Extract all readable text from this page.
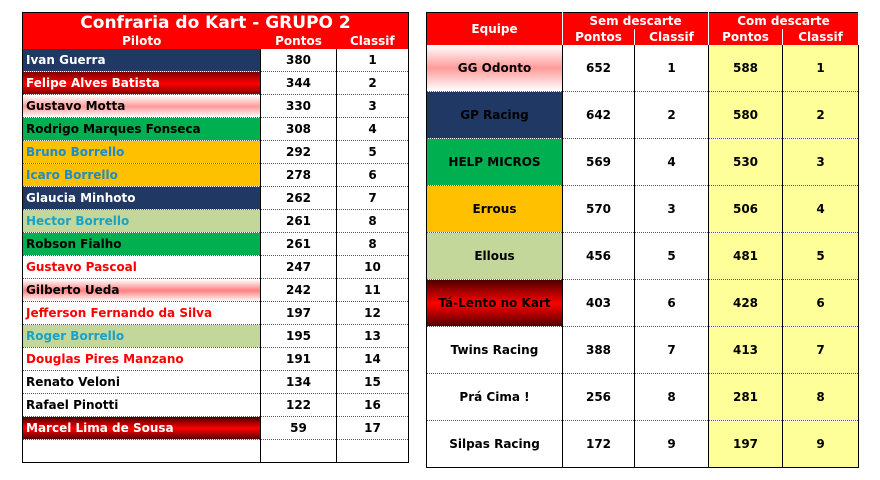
Confraria do Kart - GRUPO 2		
Piloto	Pontos	Classif
Ivan Guerra	380	1
Felipe Alves Batista	344	2
Gustavo Motta	330	3
Rodrigo Marques Fonseca	308	4
Bruno Borrello	292	5
Icaro Borrello	278	6
Glaucia Minhoto	262	7
Hector Borrello	261	8
Robson Fialho	261	8
Gustavo Pascoal	247	10
Gilberto Ueda	242	11
Jefferson Fernando da Silva	197	12
Roger Borrello	195	13
Douglas Pires Manzano	191	14
Renato Veloni	134	15
Rafael Pinotti	122	16
Marcel Lima de Sousa	59	17

Equipe	Sem descarte		Com descarte	
	Pontos	Classif	Pontos	Classif
GG Odonto	652	1	588	1
GP Racing	642	2	580	2
HELP MICROS	569	4	530	3
Errous	570	3	506	4
Ellous	456	5	481	5
Tá-Lento no Kart	403	6	428	6
Twins Racing	388	7	413	7
Prá Cima !	256	8	281	8
Silpas Racing	172	9	197	9
